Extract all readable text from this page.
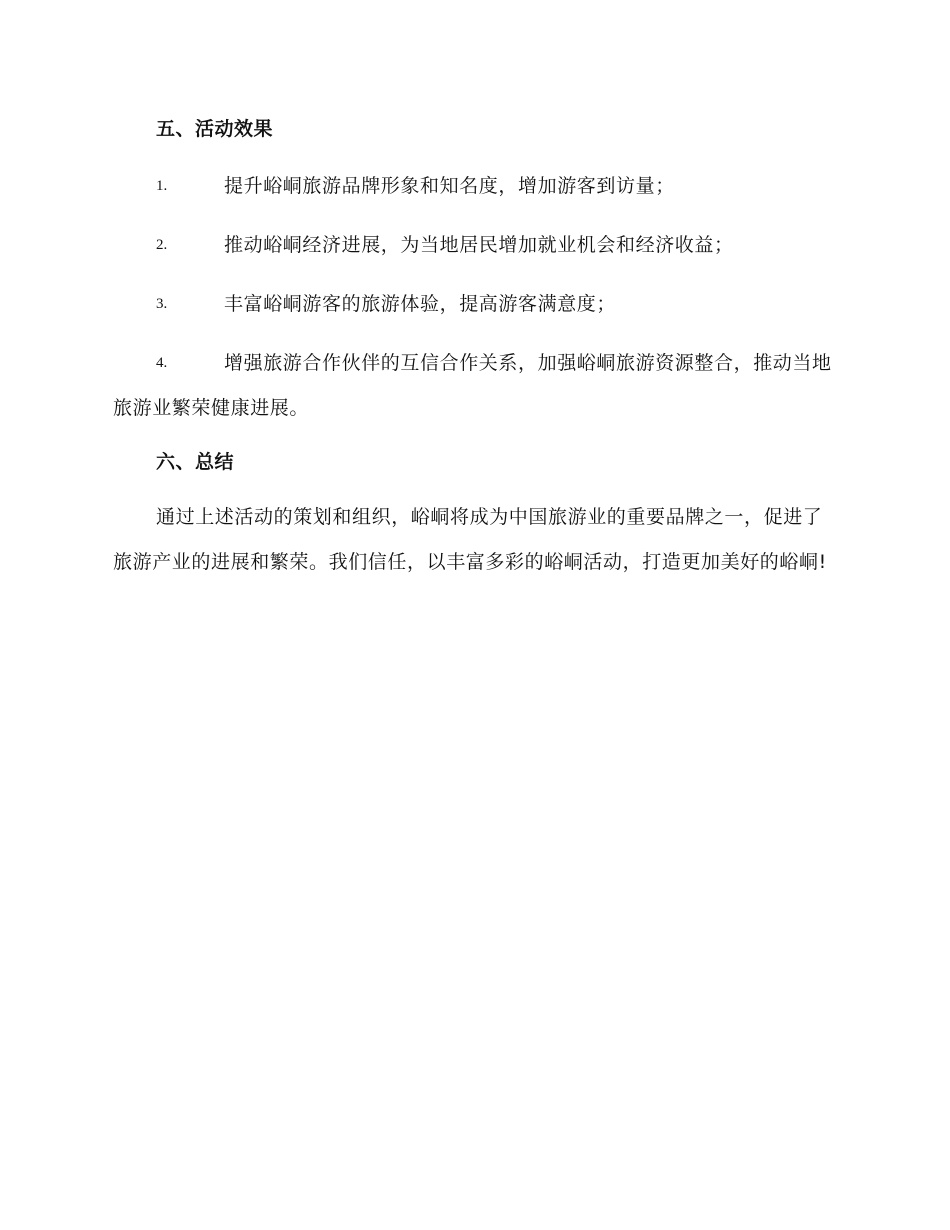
五、活动效果
1.	提升峪峒旅游品牌形象和知名度，增加游客到访量；
2.	推动峪峒经济进展，为当地居民增加就业机会和经济收益；
3.	丰富峪峒游客的旅游体验，提高游客满意度；
4.	增强旅游合作伙伴的互信合作关系，加强峪峒旅游资源整合，推动当地旅游业繁荣健康进展。
六、总结

通过上述活动的策划和组织，峪峒将成为中国旅游业的重要品牌之一，促进了旅游产业的进展和繁荣。我们信任，以丰富多彩的峪峒活动，打造更加美好的峪峒!
